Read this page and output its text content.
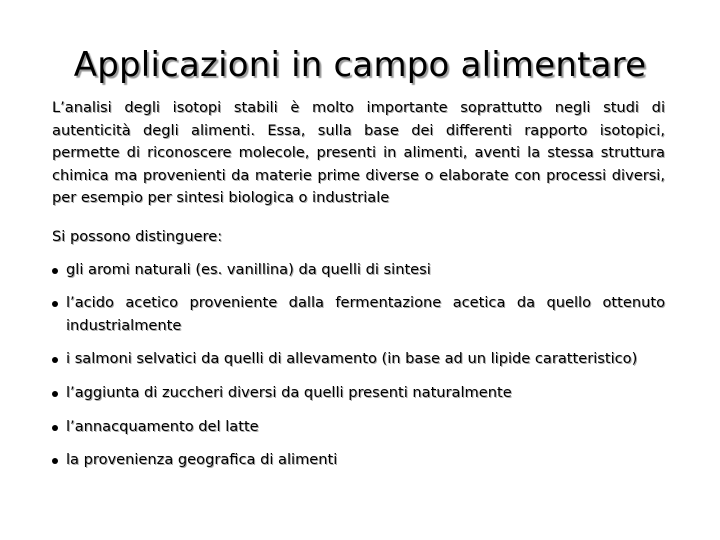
Applicazioni in campo alimentare

L’analisi degli isotopi stabili è molto importante soprattutto negli studi di autenticità degli alimenti. Essa, sulla base dei differenti rapporto isotopici, permette di riconoscere molecole, presenti in alimenti, aventi la stessa struttura chimica ma provenienti da materie prime diverse o elaborate con processi diversi, per esempio per sintesi biologica o industriale

Si possono distinguere:

gli aromi naturali (es. vanillina) da quelli di sintesi
l’acido acetico proveniente dalla fermentazione acetica da quello ottenuto industrialmente
i salmoni selvatici da quelli di allevamento (in base ad un lipide caratteristico)
l’aggiunta di zuccheri diversi da quelli presenti naturalmente
l’annacquamento del latte
la provenienza geografica di alimenti
